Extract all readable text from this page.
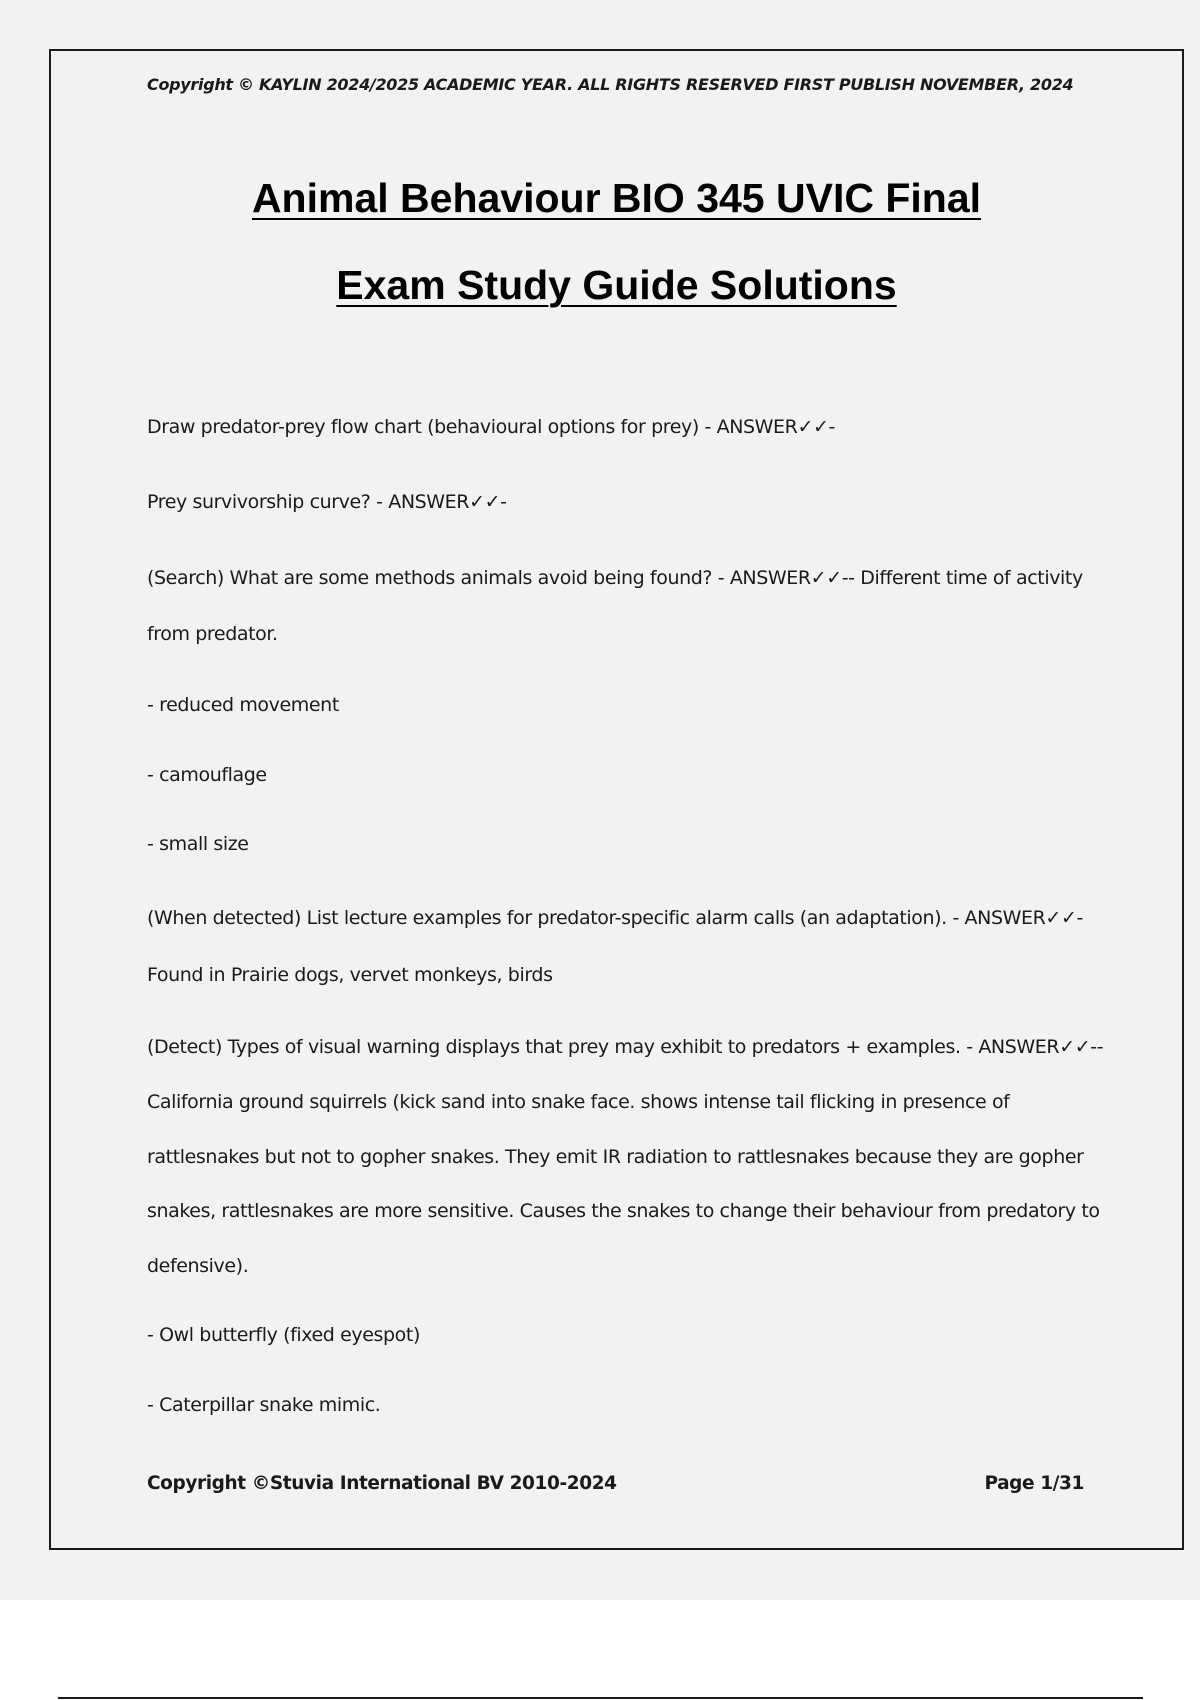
Copyright © KAYLIN 2024/2025 ACADEMIC YEAR. ALL RIGHTS RESERVED FIRST PUBLISH NOVEMBER, 2024
Animal Behaviour BIO 345 UVIC Final
Exam Study Guide Solutions
Draw predator-prey flow chart (behavioural options for prey) - ANSWER✓✓-
Prey survivorship curve? - ANSWER✓✓-
(Search) What are some methods animals avoid being found? - ANSWER✓✓-- Different time of activity
from predator.
- reduced movement
- camouflage
- small size
(When detected) List lecture examples for predator-specific alarm calls (an adaptation). - ANSWER✓✓-
Found in Prairie dogs, vervet monkeys, birds
(Detect) Types of visual warning displays that prey may exhibit to predators + examples. - ANSWER✓✓--
California ground squirrels (kick sand into snake face. shows intense tail flicking in presence of
rattlesnakes but not to gopher snakes. They emit IR radiation to rattlesnakes because they are gopher
snakes, rattlesnakes are more sensitive. Causes the snakes to change their behaviour from predatory to
defensive).
- Owl butterfly (fixed eyespot)
- Caterpillar snake mimic.
Copyright ©Stuvia International BV 2010-2024	Page 1/31
